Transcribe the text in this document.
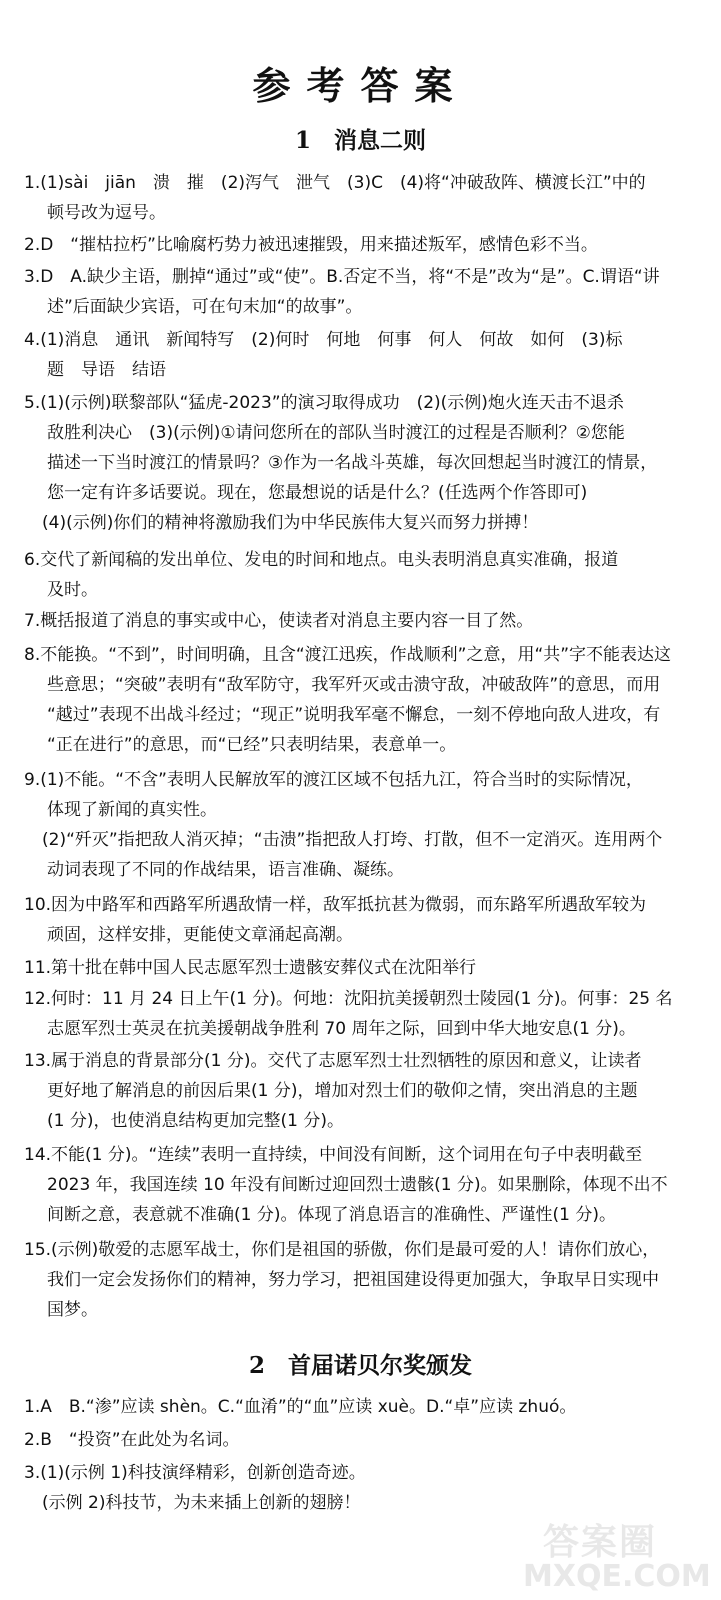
参考答案
1　消息二则
1.(1)sài　jiān　溃　摧　(2)泻气　泄气　(3)C　(4)将“冲破敌阵、横渡长江”中的
顿号改为逗号。
2.D　“摧枯拉朽”比喻腐朽势力被迅速摧毁，用来描述叛军，感情色彩不当。
3.D　A.缺少主语，删掉“通过”或“使”。B.否定不当，将“不是”改为“是”。C.谓语“讲
述”后面缺少宾语，可在句末加“的故事”。
4.(1)消息　通讯　新闻特写　(2)何时　何地　何事　何人　何故　如何　(3)标
题　导语　结语
5.(1)(示例)联黎部队“猛虎-2023”的演习取得成功　(2)(示例)炮火连天击不退杀
敌胜利决心　(3)(示例)①请问您所在的部队当时渡江的过程是否顺利？②您能
描述一下当时渡江的情景吗？③作为一名战斗英雄，每次回想起当时渡江的情景，
您一定有许多话要说。现在，您最想说的话是什么？(任选两个作答即可)
(4)(示例)你们的精神将激励我们为中华民族伟大复兴而努力拼搏！
6.交代了新闻稿的发出单位、发电的时间和地点。电头表明消息真实准确，报道
及时。
7.概括报道了消息的事实或中心，使读者对消息主要内容一目了然。
8.不能换。“不到”，时间明确，且含“渡江迅疾，作战顺利”之意，用“共”字不能表达这
些意思；“突破”表明有“敌军防守，我军歼灭或击溃守敌，冲破敌阵”的意思，而用
“越过”表现不出战斗经过；“现正”说明我军毫不懈怠，一刻不停地向敌人进攻，有
“正在进行”的意思，而“已经”只表明结果，表意单一。
9.(1)不能。“不含”表明人民解放军的渡江区域不包括九江，符合当时的实际情况，
体现了新闻的真实性。
(2)“歼灭”指把敌人消灭掉；“击溃”指把敌人打垮、打散，但不一定消灭。连用两个
动词表现了不同的作战结果，语言准确、凝练。
10.因为中路军和西路军所遇敌情一样，敌军抵抗甚为微弱，而东路军所遇敌军较为
顽固，这样安排，更能使文章涌起高潮。
11.第十批在韩中国人民志愿军烈士遗骸安葬仪式在沈阳举行
12.何时：11 月 24 日上午(1 分)。何地：沈阳抗美援朝烈士陵园(1 分)。何事：25 名
志愿军烈士英灵在抗美援朝战争胜利 70 周年之际，回到中华大地安息(1 分)。
13.属于消息的背景部分(1 分)。交代了志愿军烈士壮烈牺牲的原因和意义，让读者
更好地了解消息的前因后果(1 分)，增加对烈士们的敬仰之情，突出消息的主题
(1 分)，也使消息结构更加完整(1 分)。
14.不能(1 分)。“连续”表明一直持续，中间没有间断，这个词用在句子中表明截至
2023 年，我国连续 10 年没有间断过迎回烈士遗骸(1 分)。如果删除，体现不出不
间断之意，表意就不准确(1 分)。体现了消息语言的准确性、严谨性(1 分)。
15.(示例)敬爱的志愿军战士，你们是祖国的骄傲，你们是最可爱的人！请你们放心，
我们一定会发扬你们的精神，努力学习，把祖国建设得更加强大，争取早日实现中
国梦。
2　首届诺贝尔奖颁发
1.A　B.“渗”应读 shèn。C.“血淆”的“血”应读 xuè。D.“卓”应读 zhuó。
2.B　“投资”在此处为名词。
3.(1)(示例 1)科技演绎精彩，创新创造奇迹。
(示例 2)科技节，为未来插上创新的翅膀！
答案圈
MXQE.COM
